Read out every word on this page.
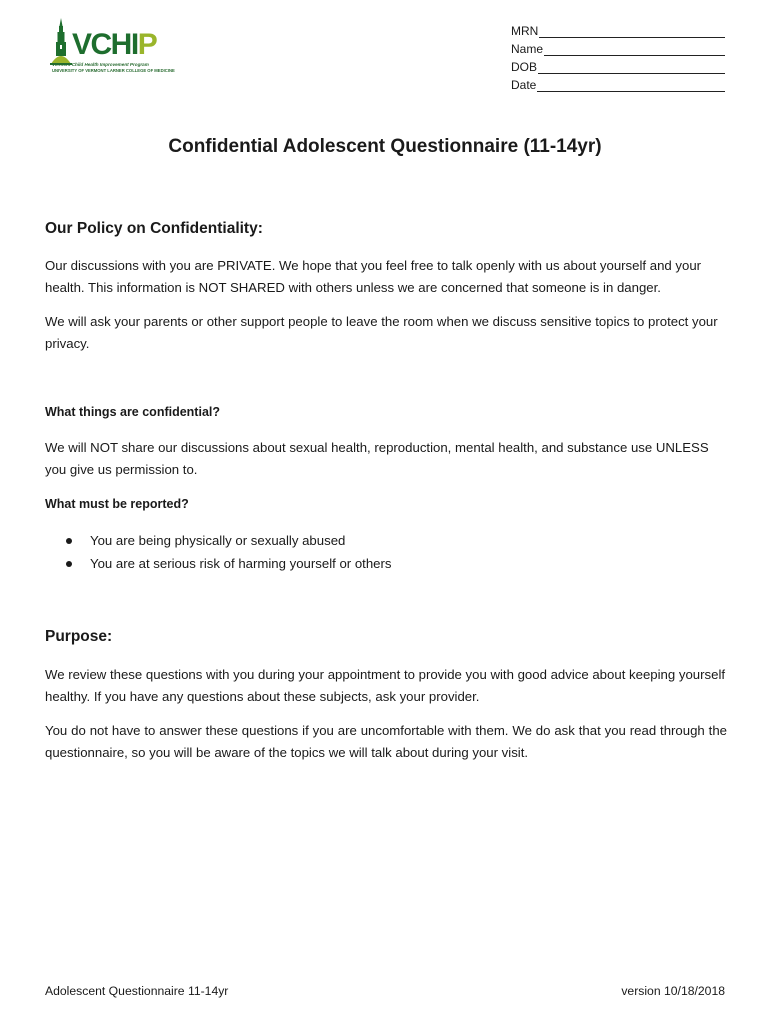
VCHIP
Vermont Child Health Improvement Program
UNIVERSITY OF VERMONT LARNER COLLEGE OF MEDICINE
MRN
Name
DOB
Date
Confidential Adolescent Questionnaire (11-14yr)
Our Policy on Confidentiality:
Our discussions with you are PRIVATE. We hope that you feel free to talk openly with us about yourself and your health. This information is NOT SHARED with others unless we are concerned that someone is in danger.
We will ask your parents or other support people to leave the room when we discuss sensitive topics to protect your privacy.
What things are confidential?
We will NOT share our discussions about sexual health, reproduction, mental health, and substance use UNLESS you give us permission to.
What must be reported?
You are being physically or sexually abused
You are at serious risk of harming yourself or others
Purpose:
We review these questions with you during your appointment to provide you with good advice about keeping yourself healthy. If you have any questions about these subjects, ask your provider.
You do not have to answer these questions if you are uncomfortable with them. We do ask that you read through the questionnaire, so you will be aware of the topics we will talk about during your visit.
Adolescent Questionnaire 11-14yr	version 10/18/2018
